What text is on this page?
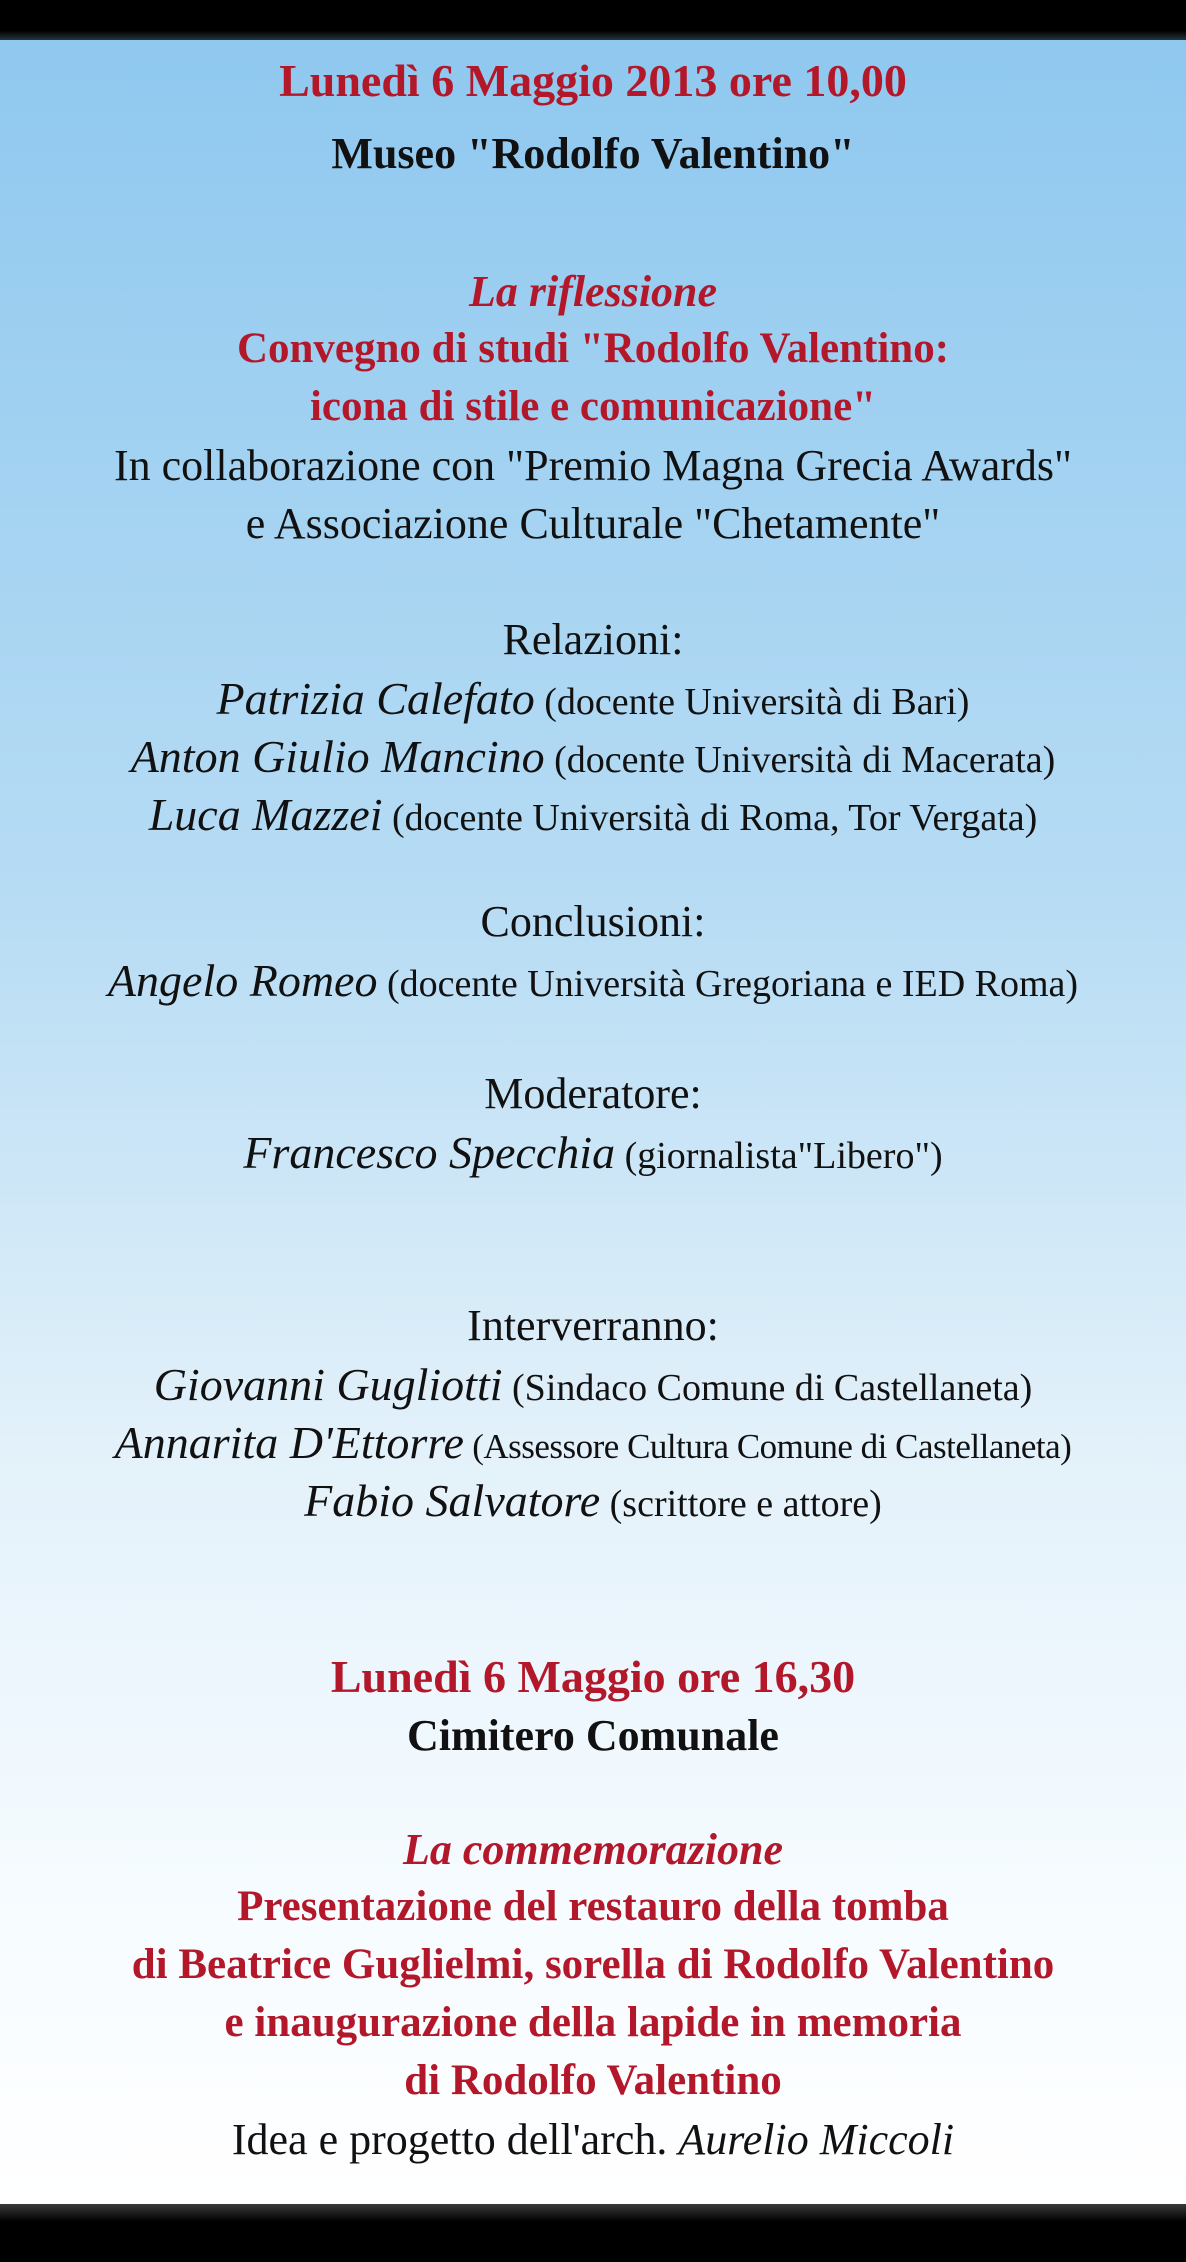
Lunedì 6 Maggio 2013 ore 10,00
Museo "Rodolfo Valentino"
La riflessione
Convegno di studi "Rodolfo Valentino:
icona di stile e comunicazione"
In collaborazione con "Premio Magna Grecia Awards"
e Associazione Culturale "Chetamente"
Relazioni:
Patrizia Calefato (docente Università di Bari)
Anton Giulio Mancino (docente Università di Macerata)
Luca Mazzei (docente Università di Roma, Tor Vergata)
Conclusioni:
Angelo Romeo (docente Università Gregoriana e IED Roma)
Moderatore:
Francesco Specchia (giornalista"Libero")
Interverranno:
Giovanni Gugliotti (Sindaco Comune di Castellaneta)
Annarita D'Ettorre (Assessore Cultura Comune di Castellaneta)
Fabio Salvatore (scrittore e attore)
Lunedì 6 Maggio ore 16,30
Cimitero Comunale
La commemorazione
Presentazione del restauro della tomba
di Beatrice Guglielmi, sorella di Rodolfo Valentino
e inaugurazione della lapide in memoria
di Rodolfo Valentino
Idea e progetto dell'arch. Aurelio Miccoli
